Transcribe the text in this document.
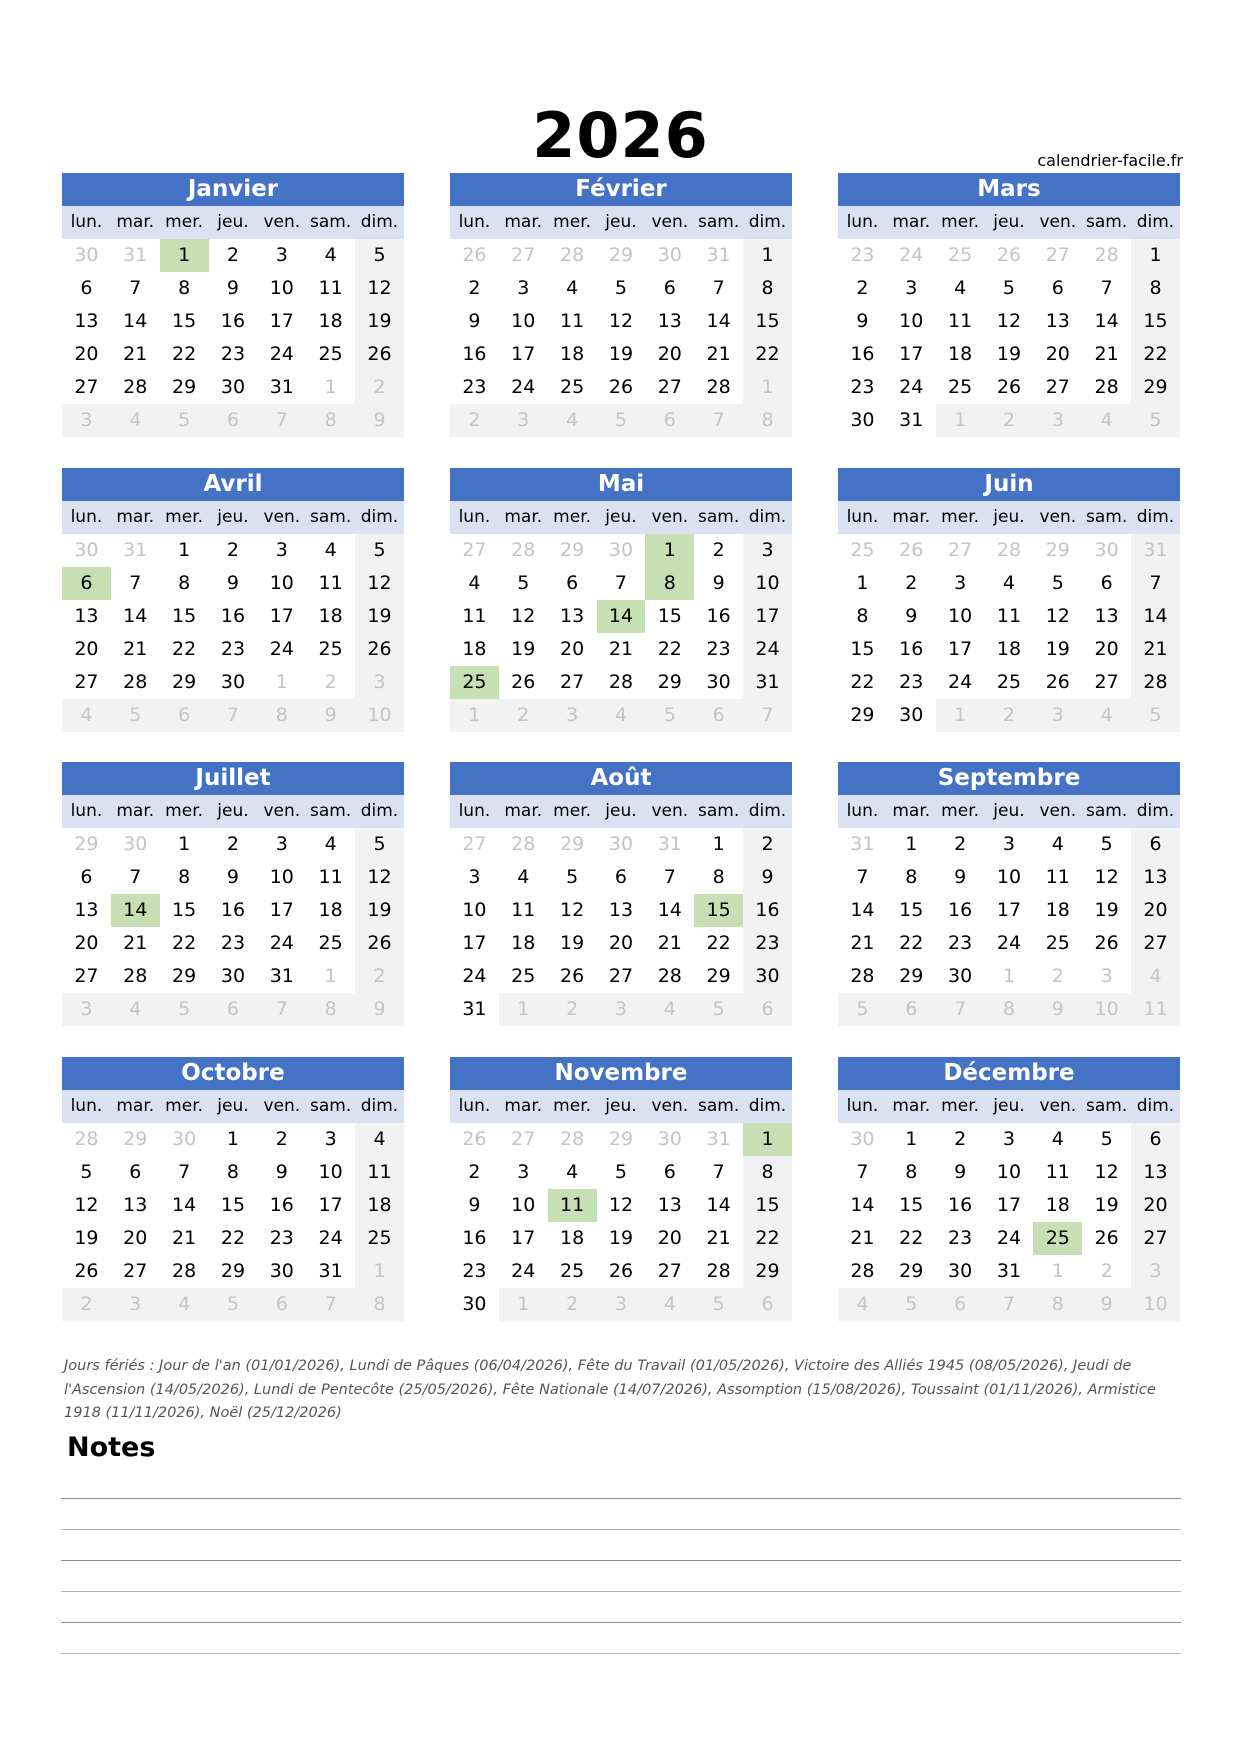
2026	calendrier-facile.fr
Janvier
lun. mar. mer. jeu. ven. sam. dim.
30	31	1	2	3	4	5
6	7	8	9	10	11	12
13	14	15	16	17	18	19
20	21	22	23	24	25	26
27	28	29	30	31	1	2
3	4	5	6	7	8	9
Février
lun. mar. mer. jeu. ven. sam. dim.
26	27	28	29	30	31	1
2	3	4	5	6	7	8
9	10	11	12	13	14	15
16	17	18	19	20	21	22
23	24	25	26	27	28	1
2	3	4	5	6	7	8
Mars
lun. mar. mer. jeu. ven. sam. dim.
23	24	25	26	27	28	1
2	3	4	5	6	7	8
9	10	11	12	13	14	15
16	17	18	19	20	21	22
23	24	25	26	27	28	29
30	31	1	2	3	4	5
Avril
lun. mar. mer. jeu. ven. sam. dim.
30	31	1	2	3	4	5
6	7	8	9	10	11	12
13	14	15	16	17	18	19
20	21	22	23	24	25	26
27	28	29	30	1	2	3
4	5	6	7	8	9	10
Mai
lun. mar. mer. jeu. ven. sam. dim.
27	28	29	30	1	2	3
4	5	6	7	8	9	10
11	12	13	14	15	16	17
18	19	20	21	22	23	24
25	26	27	28	29	30	31
1	2	3	4	5	6	7
Juin
lun. mar. mer. jeu. ven. sam. dim.
25	26	27	28	29	30	31
1	2	3	4	5	6	7
8	9	10	11	12	13	14
15	16	17	18	19	20	21
22	23	24	25	26	27	28
29	30	1	2	3	4	5
Juillet
lun. mar. mer. jeu. ven. sam. dim.
29	30	1	2	3	4	5
6	7	8	9	10	11	12
13	14	15	16	17	18	19
20	21	22	23	24	25	26
27	28	29	30	31	1	2
3	4	5	6	7	8	9
Août
lun. mar. mer. jeu. ven. sam. dim.
27	28	29	30	31	1	2
3	4	5	6	7	8	9
10	11	12	13	14	15	16
17	18	19	20	21	22	23
24	25	26	27	28	29	30
31	1	2	3	4	5	6
Septembre
lun. mar. mer. jeu. ven. sam. dim.
31	1	2	3	4	5	6
7	8	9	10	11	12	13
14	15	16	17	18	19	20
21	22	23	24	25	26	27
28	29	30	1	2	3	4
5	6	7	8	9	10	11
Octobre
lun. mar. mer. jeu. ven. sam. dim.
28	29	30	1	2	3	4
5	6	7	8	9	10	11
12	13	14	15	16	17	18
19	20	21	22	23	24	25
26	27	28	29	30	31	1
2	3	4	5	6	7	8
Novembre
lun. mar. mer. jeu. ven. sam. dim.
26	27	28	29	30	31	1
2	3	4	5	6	7	8
9	10	11	12	13	14	15
16	17	18	19	20	21	22
23	24	25	26	27	28	29
30	1	2	3	4	5	6
Décembre
lun. mar. mer. jeu. ven. sam. dim.
30	1	2	3	4	5	6
7	8	9	10	11	12	13
14	15	16	17	18	19	20
21	22	23	24	25	26	27
28	29	30	31	1	2	3
4	5	6	7	8	9	10
Jours fériés : Jour de l'an (01/01/2026), Lundi de Pâques (06/04/2026), Fête du Travail (01/05/2026), Victoire des Alliés 1945 (08/05/2026), Jeudi de l'Ascension (14/05/2026), Lundi de Pentecôte (25/05/2026), Fête Nationale (14/07/2026), Assomption (15/08/2026), Toussaint (01/11/2026), Armistice 1918 (11/11/2026), Noël (25/12/2026)
Notes
